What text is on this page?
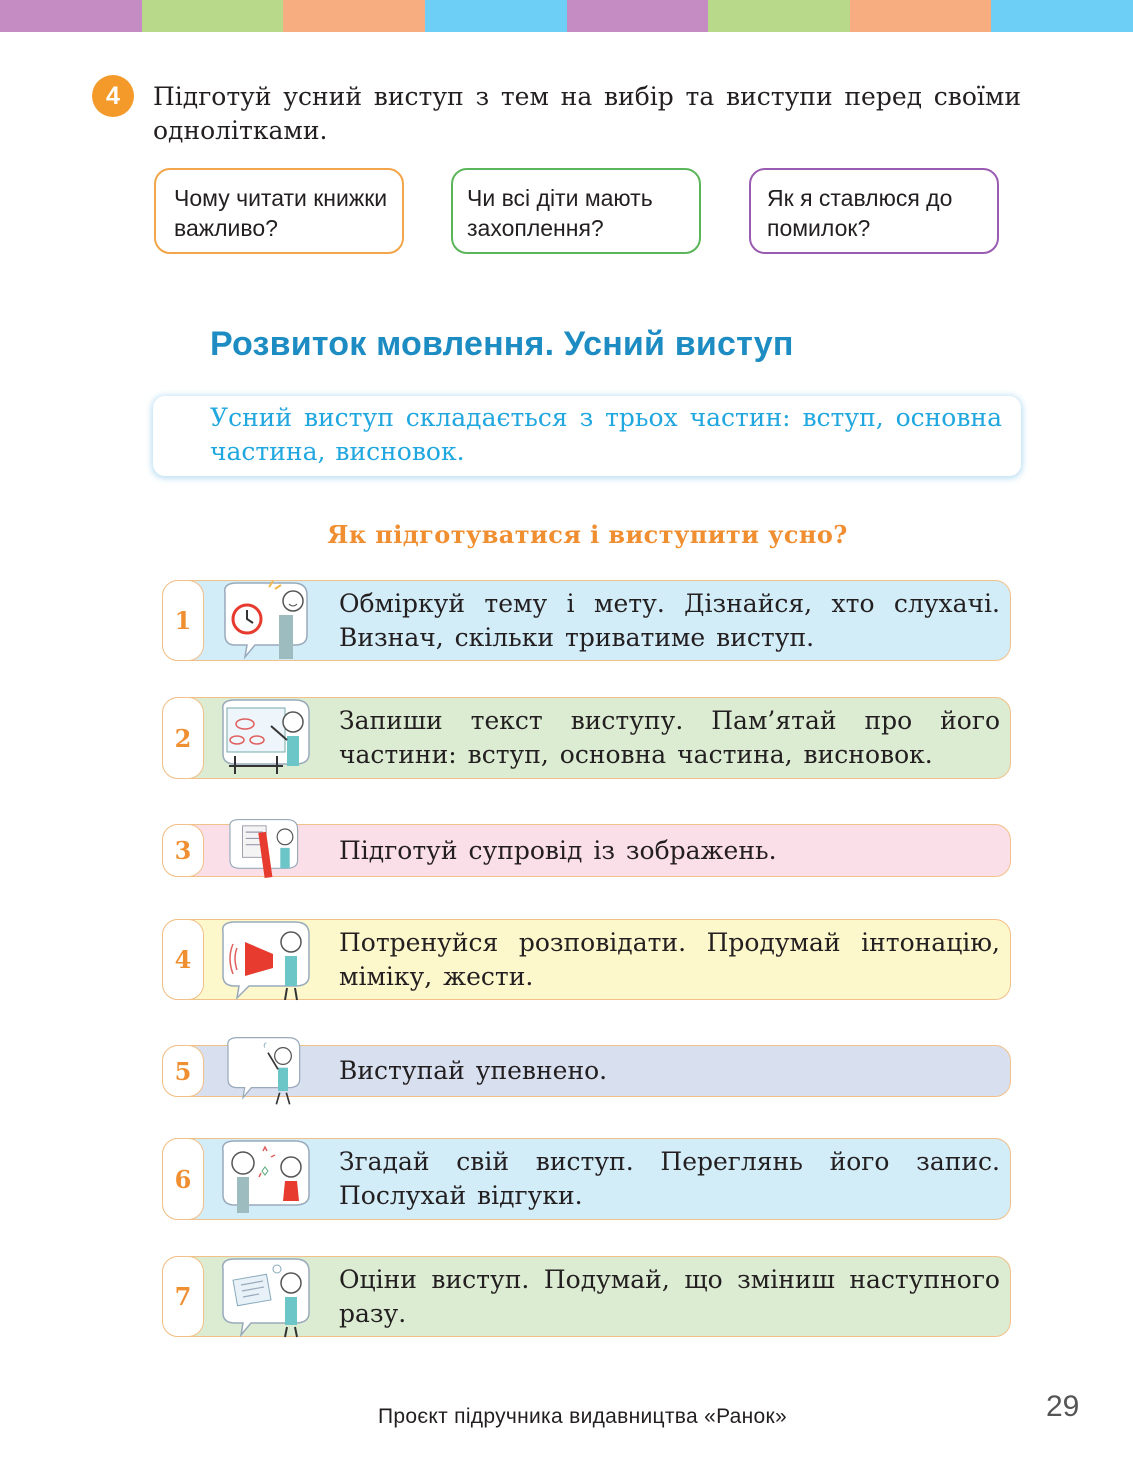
4	Підготуй усний виступ з тем на вибір та виступи перед своїми однолітками.
Чому читати книжки важливо?
Чи всі діти мають захоплення?
Як я ставлюся до помилок?
Розвиток мовлення. Усний виступ
Усний виступ складається з трьох частин: вступ, основна частина, висновок.
Як підготуватися і виступити усно?
1
Обміркуй тему і мету. Дізнайся, хто слухачі. Визнач, скільки триватиме виступ.
2
Запиши текст виступу. Пам’ятай про його частини: вступ, основна частина, висновок.
3	Підготуй супровід із зображень.
4
Потренуйся розповідати. Продумай інтонацію, міміку, жести.
5	Виступай упевнено.
6
Згадай свій виступ. Переглянь його запис. Послухай відгуки.
7
Оціни виступ. Подумай, що зміниш наступного разу.
Проєкт підручника видавництва «Ранок»	29
